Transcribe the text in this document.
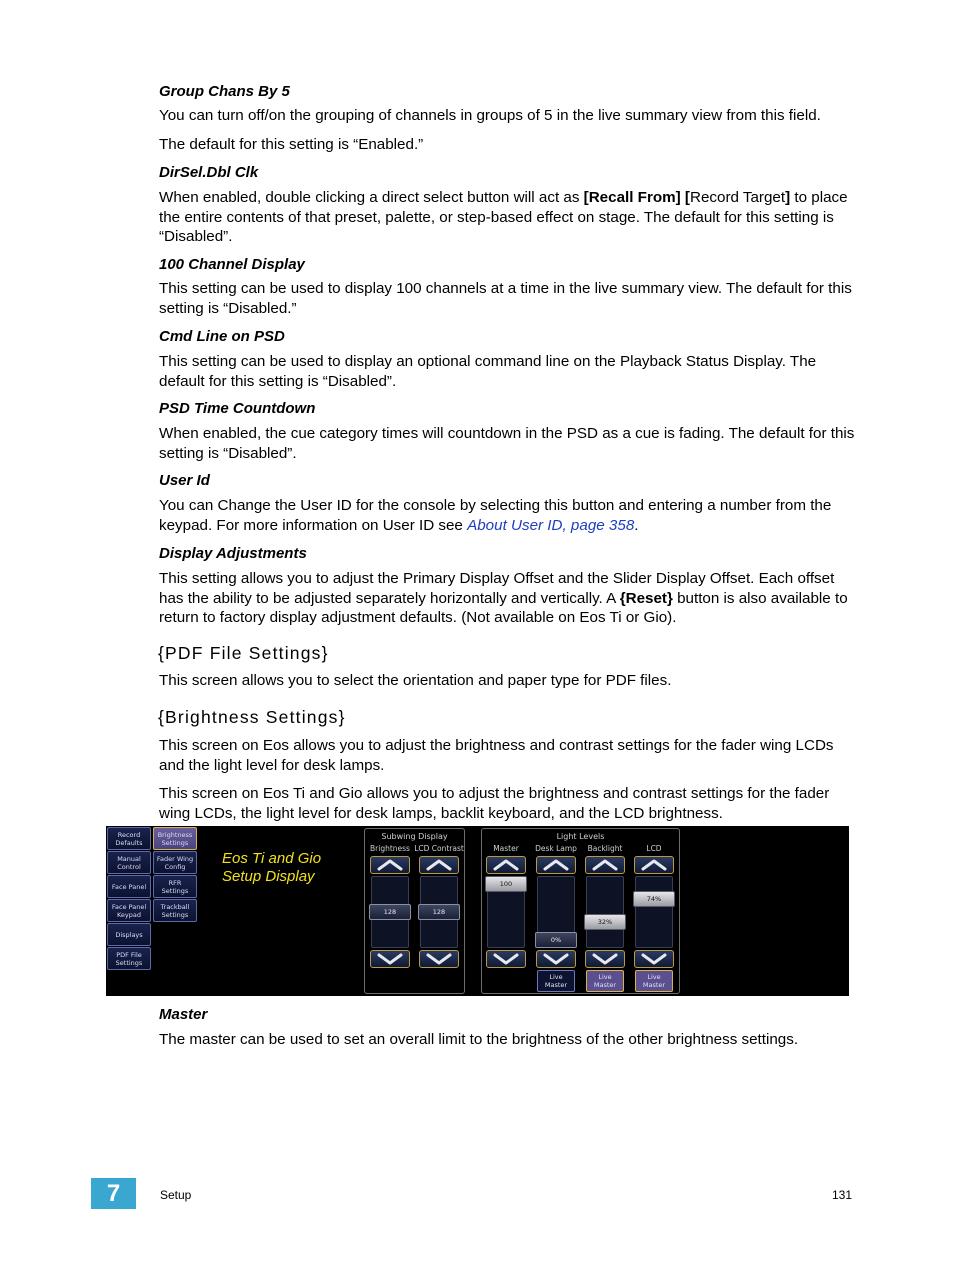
Group Chans By 5

You can turn off/on the grouping of channels in groups of 5 in the live summary view from this field.

The default for this setting is “Enabled.”

DirSel.Dbl Clk

When enabled, double clicking a direct select button will act as [Recall From] [Record Target] to place the entire contents of that preset, palette, or step-based effect on stage. The default for this setting is “Disabled”.

100 Channel Display

This setting can be used to display 100 channels at a time in the live summary view. The default for this setting is “Disabled.”

Cmd Line on PSD

This setting can be used to display an optional command line on the Playback Status Display. The default for this setting is “Disabled”.

PSD Time Countdown

When enabled, the cue category times will countdown in the PSD as a cue is fading. The default for this setting is “Disabled”.

User Id

You can Change the User ID for the console by selecting this button and entering a number from the keypad. For more information on User ID see About User ID, page 358.

Display Adjustments

This setting allows you to adjust the Primary Display Offset and the Slider Display Offset. Each offset has the ability to be adjusted separately horizontally and vertically. A {Reset} button is also available to return to factory display adjustment defaults. (Not available on Eos Ti or Gio).

{PDF File Settings}

This screen allows you to select the orientation and paper type for PDF files.

{Brightness Settings}

This screen on Eos allows you to adjust the brightness and contrast settings for the fader wing LCDs and the light level for desk lamps.

This screen on Eos Ti and Gio allows you to adjust the brightness and contrast settings for the fader wing LCDs, the light level for desk lamps, backlit keyboard, and the LCD brightness.

Record
Defaults
Manual
Control
Face Panel
Face Panel
Keypad
Displays
PDF File
Settings
Brightness
Settings
Fader Wing
Config
RFR
Settings
Trackball
Settings
Eos Ti and Gio
Setup Display
Subwing Display
Brightness
128
LCD Contrast
128
Light Levels
Master
100
Desk Lamp
0%
Live
Master
Backlight
32%
Live
Master
LCD
74%
Live
Master
Master

The master can be used to set an overall limit to the brightness of the other brightness settings.

7	Setup	131
